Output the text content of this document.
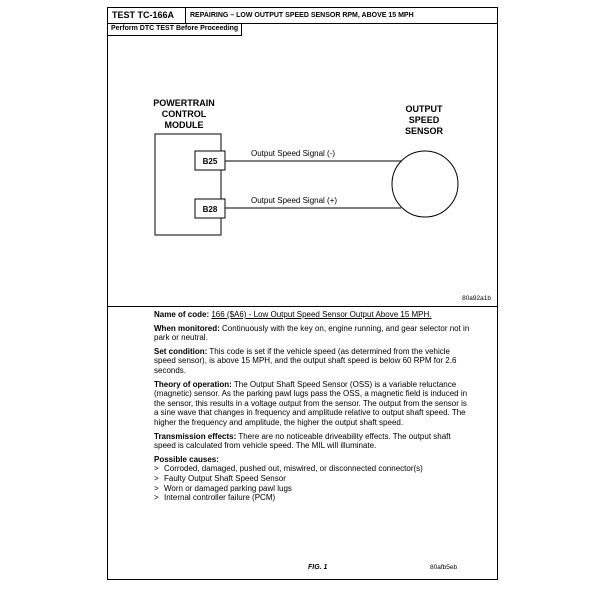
TEST TC-166A	REPAIRING – LOW OUTPUT SPEED SENSOR RPM, ABOVE 15 MPH
Perform DTC TEST Before Proceeding
POWERTRAIN
CONTROL
MODULE
B25
B28
Output Speed Signal (-)
Output Speed Signal (+)
OUTPUT
SPEED
SENSOR
80a92a1b

Name of code: 166 ($A6) - Low Output Speed Sensor Output Above 15 MPH.

When monitored: Continuously with the key on, engine running, and gear selector not in park or neutral.

Set condition: This code is set if the vehicle speed (as determined from the vehicle speed sensor), is above 15 MPH, and the output shaft speed is below 60 RPM for 2.6 seconds.

Theory of operation: The Output Shaft Speed Sensor (OSS) is a variable reluctance (magnetic) sensor. As the parking pawl lugs pass the OSS, a magnetic field is induced in the sensor, this results in a voltage output from the sensor. The output from the sensor is a sine wave that changes in frequency and amplitude relative to output shaft speed. The higher the frequency and amplitude, the higher the output shaft speed.

Transmission effects: There are no noticeable driveability effects. The output shaft speed is calculated from vehicle speed. The MIL will illuminate.

Possible causes:

> Corroded, damaged, pushed out, miswired, or disconnected connector(s)
> Faulty Output Shaft Speed Sensor
> Worn or damaged parking pawl lugs
> Internal controller failure (PCM)
FIG. 1	80afb5eb
